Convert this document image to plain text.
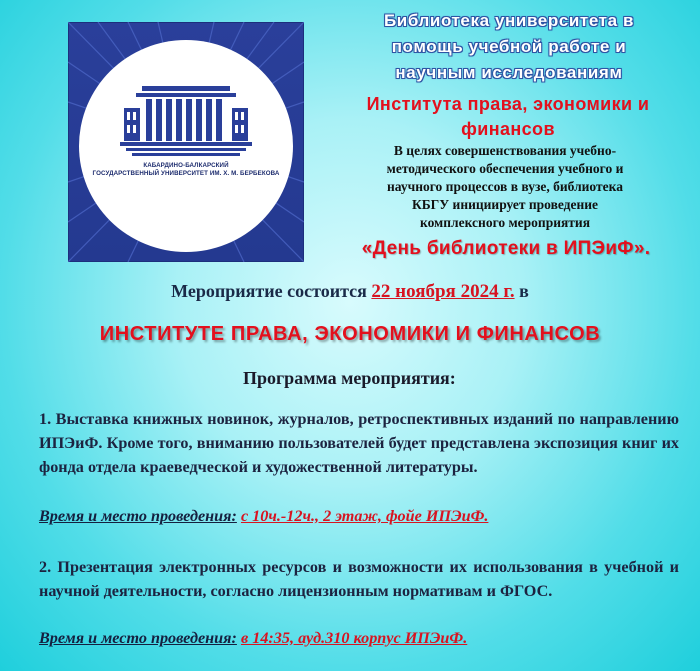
КАБАРДИНО-БАЛКАРСКИЙ
ГОСУДАРСТВЕННЫЙ УНИВЕРСИТЕТ ИМ. Х. М. БЕРБЕКОВА
Библиотека университета в
помощь учебной работе и
научным исследованиям
Института права, экономики и
финансов
В целях совершенствования учебно-
методического обеспечения учебного и
научного процессов в вузе, библиотека
КБГУ инициирует проведение
комплексного мероприятия
«День библиотеки в ИПЭиФ».
Мероприятие состоится 22 ноября 2024 г. в
ИНСТИТУТЕ ПРАВА, ЭКОНОМИКИ И ФИНАНСОВ
Программа мероприятия:
1. Выставка книжных новинок, журналов, ретроспективных изданий по направлению ИПЭиФ. Кроме того, вниманию пользователей будет представлена экспозиция книг их фонда отдела краеведческой и художественной литературы.
Время и место проведения: с 10ч.-12ч., 2 этаж, фойе ИПЭиФ.
2. Презентация электронных ресурсов и возможности их использования в учебной и научной деятельности, согласно лицензионным нормативам и ФГОС.
Время и место проведения: в 14:35, ауд.310 корпус ИПЭиФ.
